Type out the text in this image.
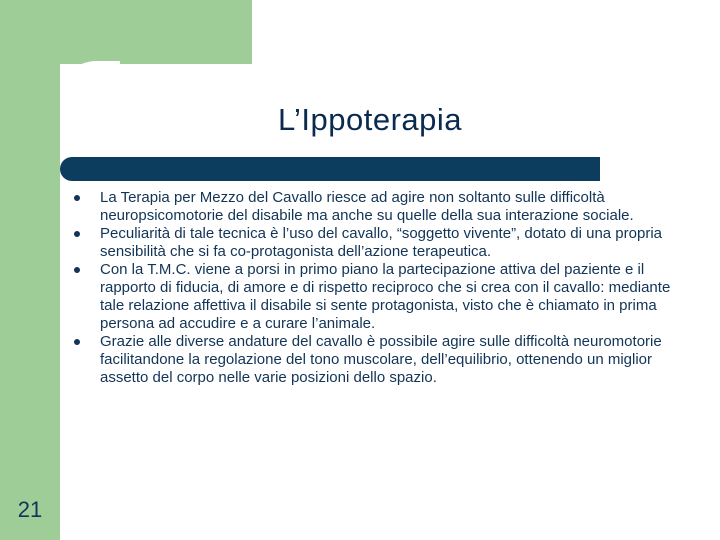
L’Ippoterapia
La Terapia per Mezzo del Cavallo riesce ad agire non soltanto sulle difficoltà neuropsicomotorie del disabile ma anche su quelle della sua interazione sociale.
Peculiarità di tale tecnica è l’uso del cavallo, “soggetto vivente”, dotato di una propria sensibilità che si fa co-protagonista dell’azione terapeutica.
Con la T.M.C. viene a porsi in primo piano la partecipazione attiva del paziente e il rapporto di fiducia, di amore e di rispetto reciproco che si crea con il cavallo: mediante tale relazione affettiva il disabile si sente protagonista, visto che è chiamato in prima persona ad accudire e a curare l’animale.
Grazie alle diverse andature del cavallo è possibile agire sulle difficoltà neuromotorie facilitandone la regolazione del tono muscolare, dell’equilibrio, ottenendo un miglior assetto del corpo nelle varie posizioni dello spazio.
21
